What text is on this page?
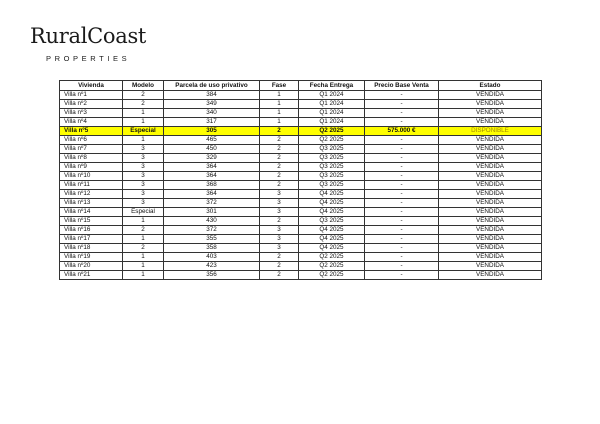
RuralCoast
PROPERTIES
Vivienda	Modelo	Parcela de uso privativo	Fase	Fecha Entrega	Precio Base Venta	Estado
Villa nº1	2	384	1	Q1 2024	-	VENDIDA
Villa nº2	2	349	1	Q1 2024	-	VENDIDA
Villa nº3	1	340	1	Q1 2024	-	VENDIDA
Villa nº4	1	317	1	Q1 2024	-	VENDIDA
Villa nº5	Especial	305	2	Q2 2025	575.000 €	DISPONIBLE
Villa nº6	1	465	2	Q2 2025	-	VENDIDA
Villa nº7	3	450	2	Q3 2025	-	VENDIDA
Villa nº8	3	329	2	Q3 2025	-	VENDIDA
Villa nº9	3	364	2	Q3 2025	-	VENDIDA
Villa nº10	3	364	2	Q3 2025	-	VENDIDA
Villa nº11	3	368	2	Q3 2025	-	VENDIDA
Villa nº12	3	364	3	Q4 2025	-	VENDIDA
Villa nº13	3	372	3	Q4 2025	-	VENDIDA
Villa nº14	Especial	301	3	Q4 2025	-	VENDIDA
Villa nº15	1	430	2	Q3 2025	-	VENDIDA
Villa nº16	2	372	3	Q4 2025	-	VENDIDA
Villa nº17	1	355	3	Q4 2025	-	VENDIDA
Villa nº18	2	358	3	Q4 2025	-	VENDIDA
Villa nº19	1	403	2	Q2 2025	-	VENDIDA
Villa nº20	1	423	2	Q2 2025	-	VENDIDA
Villa nº21	1	356	2	Q2 2025	-	VENDIDA
